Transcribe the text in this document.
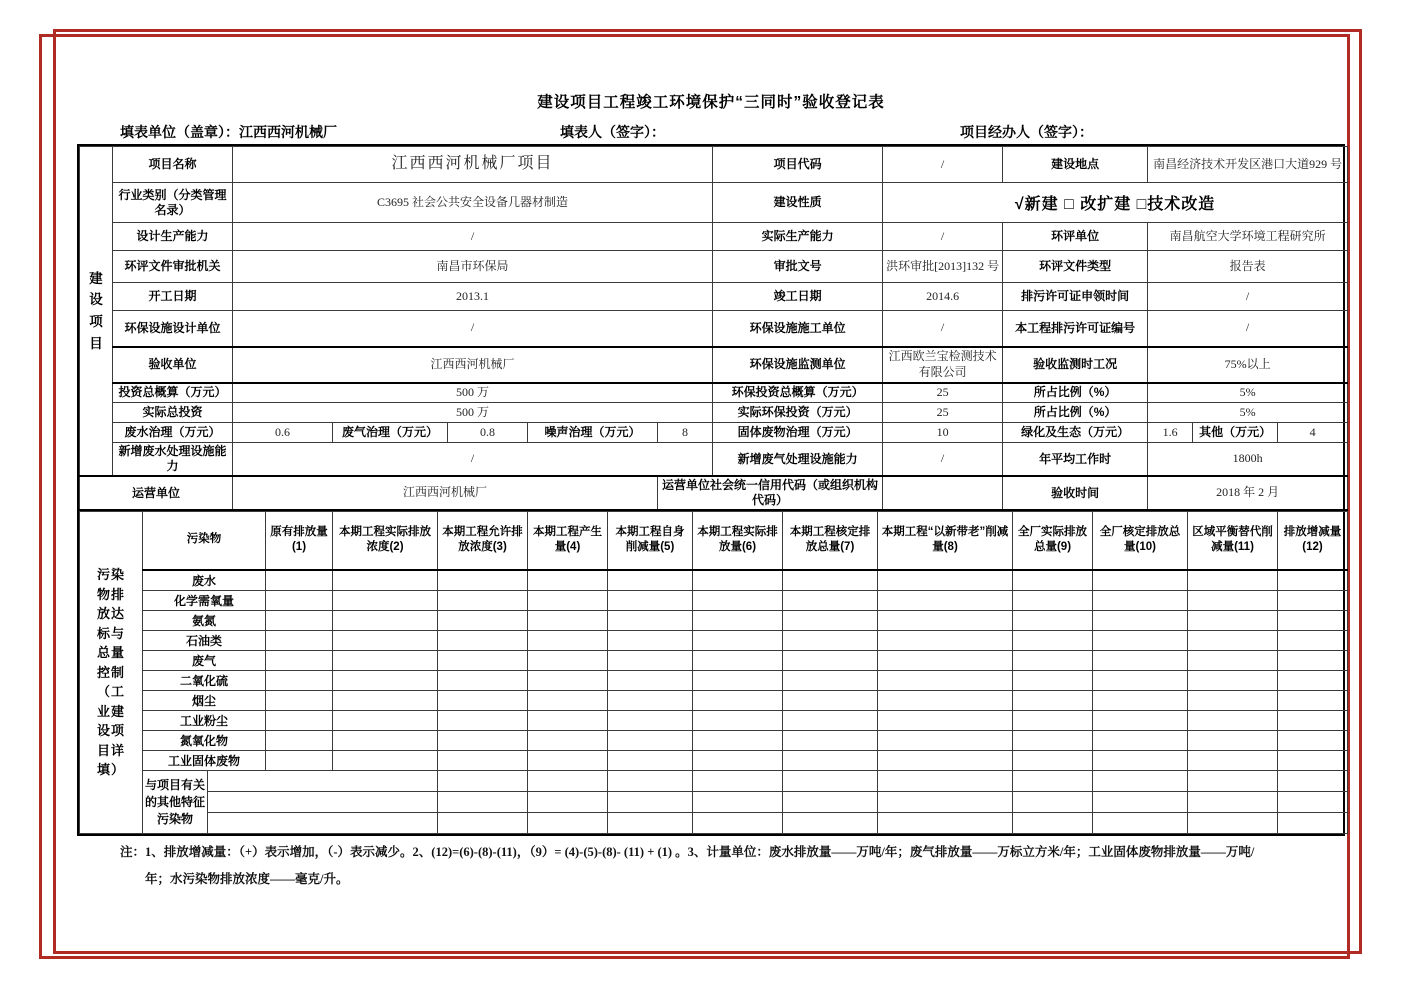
建设项目工程竣工环境保护“三同时”验收登记表
填表单位（盖章）：江西西河机械厂	填表人（签字）：	项目经办人（签字）：
建设项目	项目名称	江西西河机械厂项目					项目代码	/	建设地点	南昌经济技术开发区港口大道929 号		
	行业类别（分类管理名录）	C3695 社会公共安全设备几器材制造					建设性质	√新建 □ 改扩建 □技术改造				
	设计生产能力	/					实际生产能力	/	环评单位	南昌航空大学环境工程研究所		
	环评文件审批机关	南昌市环保局					审批文号	洪环审批[2013]132 号	环评文件类型	报告表		
	开工日期	2013.1					竣工日期	2014.6	排污许可证申领时间	/		
	环保设施设计单位	/					环保设施施工单位	/	本工程排污许可证编号	/		
	验收单位	江西西河机械厂					环保设施监测单位	江西欧兰宝检测技术有限公司	验收监测时工况	75%以上		
	投资总概算（万元）	500 万					环保投资总概算（万元）	25	所占比例（%）	5%		
	实际总投资	500 万					实际环保投资（万元）	25	所占比例（%）	5%		
	废水治理（万元）	0.6	废气治理（万元）	0.8	噪声治理（万元）	8	固体废物治理（万元）	10	绿化及生态（万元）	1.6	其他（万元）	4
	新增废水处理设施能力	/					新增废气处理设施能力	/	年平均工作时	1800h		
运营单位		江西西河机械厂				运营单位社会统一信用代码（或组织机构代码）			验收时间	2018 年 2 月		
污染物排放达标与总量控制（工业建设项目详填）	污染物		原有排放量(1)	本期工程实际排放浓度(2)	本期工程允许排放浓度(3)	本期工程产生量(4)	本期工程自身削减量(5)	本期工程实际排放量(6)	本期工程核定排放总量(7)	本期工程“以新带老”削减量(8)	全厂实际排放总量(9)	全厂核定排放总量(10)	区域平衡替代削减量(11)	排放增减量(12)
	废水													
	化学需氧量													
	氨氮													
	石油类													
	废气													
	二氧化硫													
	烟尘													
	工业粉尘													
	氮氧化物													
	工业固体废物													
	与项目有关的其他特征污染物													

注：1、排放增减量：（+）表示增加，（-）表示减少。2、(12)=(6)-(8)-(11)，（9）= (4)-(5)-(8)- (11) + (1) 。3、计量单位：废水排放量——万吨/年；废气排放量——万标立方米/年；工业固体废物排放量——万吨/
年；水污染物排放浓度——毫克/升。
